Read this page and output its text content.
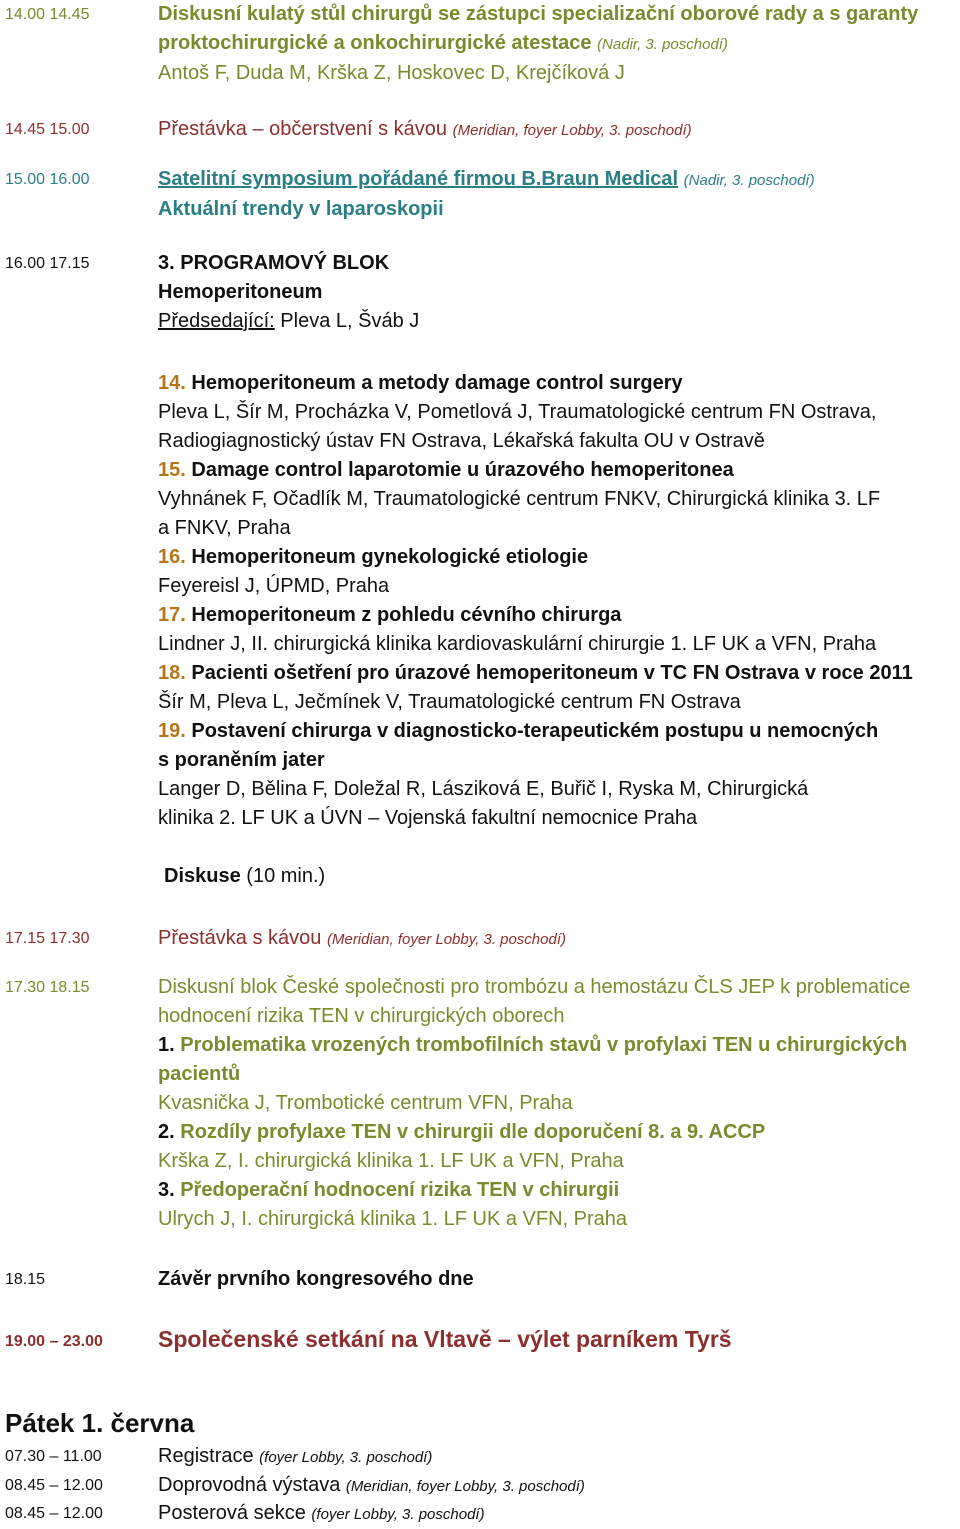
14.00 14.45	Diskusní kulatý stůl chirurgů se zástupci specializační oborové rady a s garanty
proktochirurgické a onkochirurgické atestace (Nadir, 3. poschodí)
Antoš F, Duda M, Krška Z, Hoskovec D, Krejčíková J
14.45 15.00	Přestávka – občerstvení s kávou (Meridian, foyer Lobby, 3. poschodí)
15.00 16.00	Satelitní symposium pořádané firmou B.Braun Medical (Nadir, 3. poschodí)
Aktuální trendy v laparoskopii
16.00 17.15	3. PROGRAMOVÝ BLOK
Hemoperitoneum
Předsedající: Pleva L, Šváb J
14. Hemoperitoneum a metody damage control surgery
Pleva L, Šír M, Procházka V, Pometlová J, Traumatologické centrum FN Ostrava,
Radiogiagnostický ústav FN Ostrava, Lékařská fakulta OU v Ostravě
15. Damage control laparotomie u úrazového hemoperitonea
Vyhnánek F, Očadlík M, Traumatologické centrum FNKV, Chirurgická klinika 3. LF
a FNKV, Praha
16. Hemoperitoneum gynekologické etiologie
Feyereisl J, ÚPMD, Praha
17. Hemoperitoneum z pohledu cévního chirurga
Lindner J, II. chirurgická klinika kardiovaskulární chirurgie 1. LF UK a VFN, Praha
18. Pacienti ošetření pro úrazové hemoperitoneum v TC FN Ostrava v roce 2011
Šír M, Pleva L, Ječmínek V, Traumatologické centrum FN Ostrava
19. Postavení chirurga v diagnosticko-terapeutickém postupu u nemocných
s poraněním jater
Langer D, Bělina F, Doležal R, Lásziková E, Buřič I, Ryska M, Chirurgická
klinika 2. LF UK a ÚVN – Vojenská fakultní nemocnice Praha
Diskuse (10 min.)
17.15 17.30	Přestávka s kávou (Meridian, foyer Lobby, 3. poschodí)
17.30 18.15	Diskusní blok České společnosti pro trombózu a hemostázu ČLS JEP k problematice
hodnocení rizika TEN v chirurgických oborech
1. Problematika vrozených trombofilních stavů v profylaxi TEN u chirurgických
pacientů
Kvasnička J, Trombotické centrum VFN, Praha
2. Rozdíly profylaxe TEN v chirurgii dle doporučení 8. a 9. ACCP
Krška Z, I. chirurgická klinika 1. LF UK a VFN, Praha
3. Předoperační hodnocení rizika TEN v chirurgii
Ulrych J, I. chirurgická klinika 1. LF UK a VFN, Praha
18.15	Závěr prvního kongresového dne
19.00 – 23.00 Společenské setkání na Vltavě – výlet parníkem Tyrš
Pátek 1. června
07.30 – 11.00	Registrace (foyer Lobby, 3. poschodí)
08.45 – 12.00	Doprovodná výstava (Meridian, foyer Lobby, 3. poschodí)
08.45 – 12.00	Posterová sekce (foyer Lobby, 3. poschodí)
